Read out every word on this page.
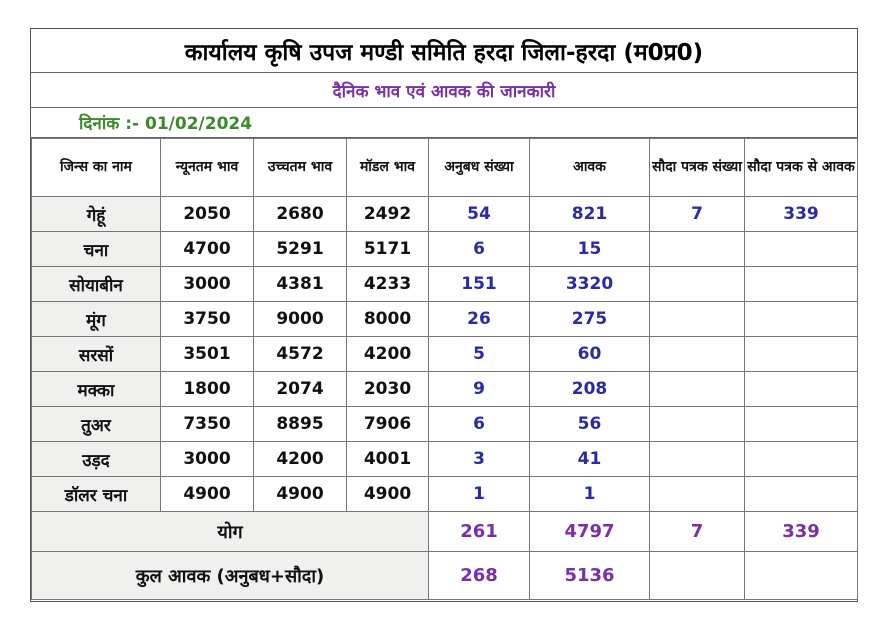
कार्यालय कृषि उपज मण्डी समिति हरदा जिला-हरदा (म0प्र0)
दैनिक भाव एवं आवक की जानकारी
दिनांक :- 01/02/2024
जिन्स का नाम	न्यूनतम भाव	उच्चतम भाव	मॉडल भाव	अनुबध संख्या	आवक	सौदा पत्रक संख्या	सौदा पत्रक से आवक
गेहूं	2050	2680	2492	54	821	7	339
चना	4700	5291	5171	6	15		
सोयाबीन	3000	4381	4233	151	3320		
मूंग	3750	9000	8000	26	275		
सरसों	3501	4572	4200	5	60		
मक्का	1800	2074	2030	9	208		
तुअर	7350	8895	7906	6	56		
उड़द	3000	4200	4001	3	41		
डॉलर चना	4900	4900	4900	1	1		
योग				261	4797	7	339
कुल आवक (अनुबध+सौदा)				268	5136		
